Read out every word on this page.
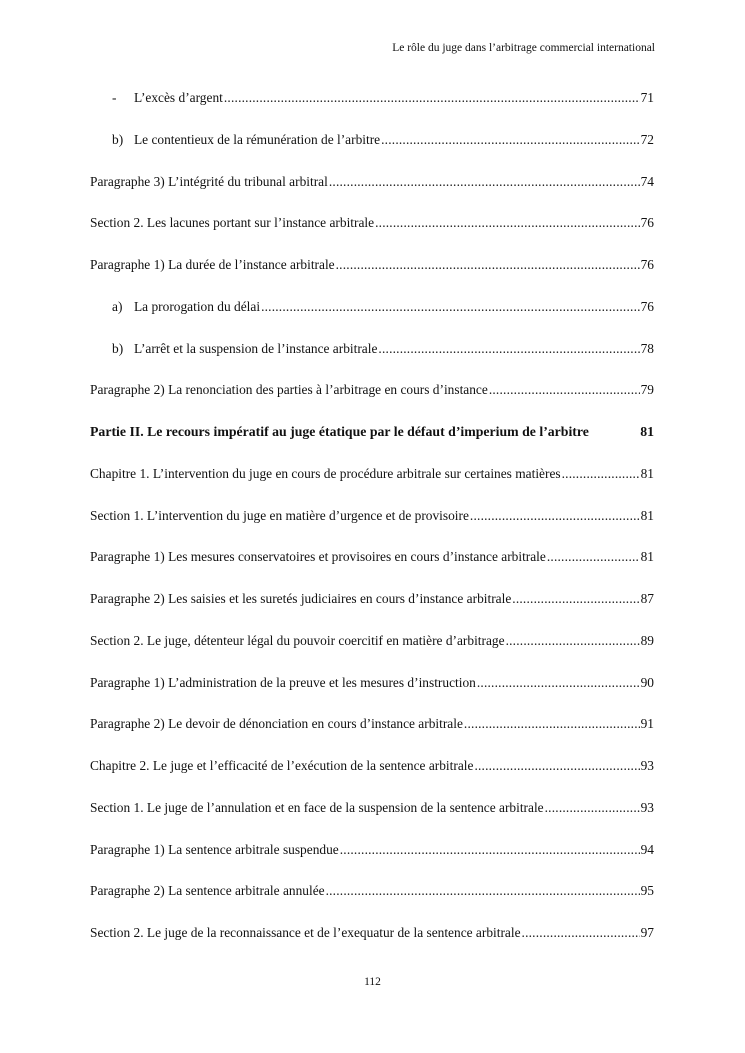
Le rôle du juge dans l’arbitrage commercial international
-	L’excès d’argent .....	71
b) Le contentieux de la rémunération de l’arbitre .....	72
Paragraphe 3) L’intégrité du tribunal arbitral .....	74
Section 2. Les lacunes portant sur l’instance arbitrale .....	76
Paragraphe 1) La durée de l’instance arbitrale .....	76
a) La prorogation du délai .....	76
b) L’arrêt et la suspension de l’instance arbitrale .....	78
Paragraphe 2) La renonciation des parties à l’arbitrage en cours d’instance .....	79
Partie II. Le recours impératif au juge étatique par le défaut d’imperium de l’arbitre	81
Chapitre 1. L’intervention du juge en cours de procédure arbitrale sur certaines matières .....	81
Section 1. L’intervention du juge en matière d’urgence et de provisoire .....	81
Paragraphe 1) Les mesures conservatoires et provisoires en cours d’instance arbitrale .....	81
Paragraphe 2) Les saisies et les suretés judiciaires en cours d’instance arbitrale .....	87
Section 2. Le juge, détenteur légal du pouvoir coercitif en matière d’arbitrage .....	89
Paragraphe 1) L’administration de la preuve et les mesures d’instruction .....	90
Paragraphe 2) Le devoir de dénonciation en cours d’instance arbitrale .....	91
Chapitre 2. Le juge et l’efficacité de l’exécution de la sentence arbitrale .....	93
Section 1. Le juge de l’annulation et en face de la suspension de la sentence arbitrale .....	93
Paragraphe 1) La sentence arbitrale suspendue .....	94
Paragraphe 2) La sentence arbitrale annulée .....	95
Section 2. Le juge de la reconnaissance et de l’exequatur de la sentence arbitrale .....	97
112
